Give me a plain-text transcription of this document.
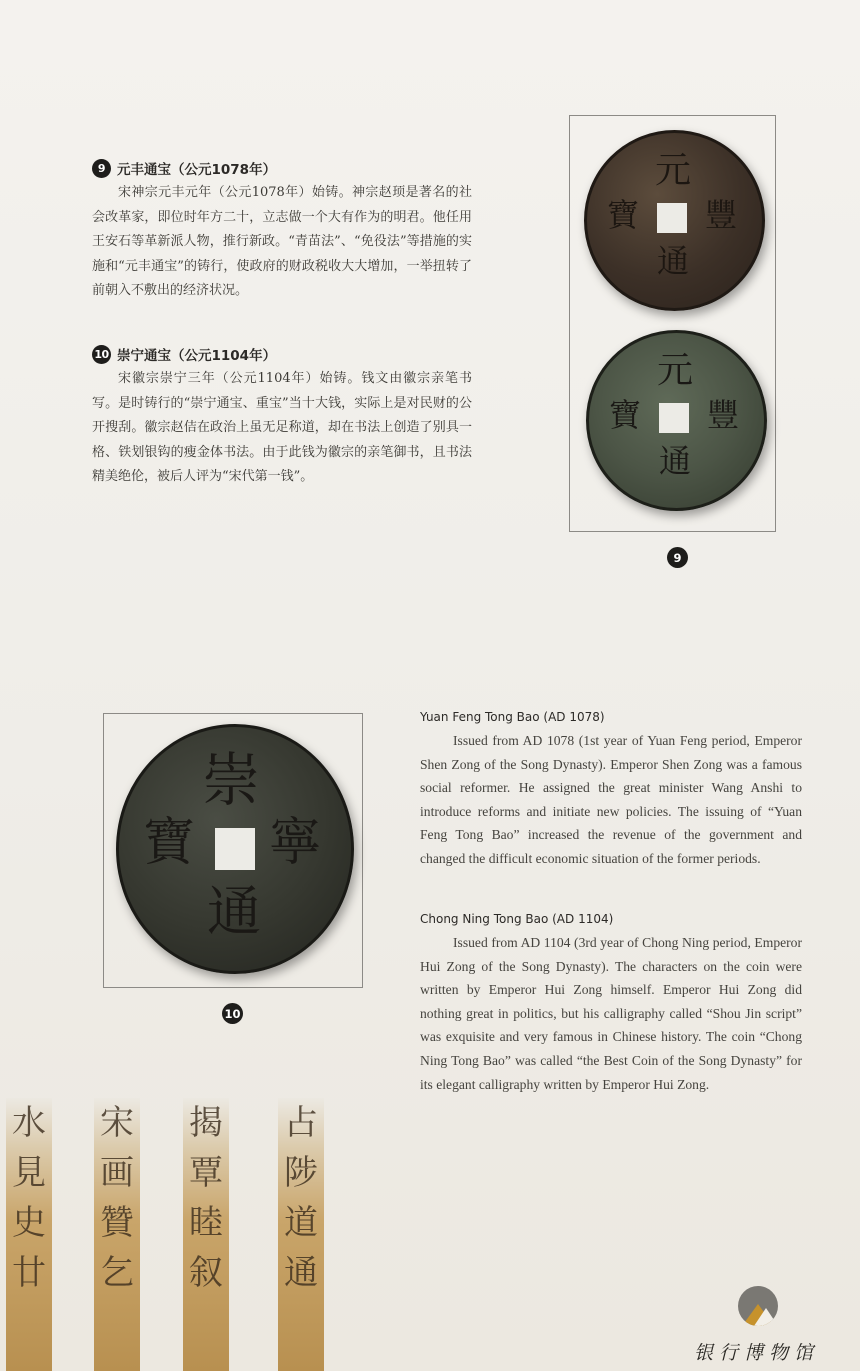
9 元丰通宝（公元1078年）

宋神宗元丰元年（公元1078年）始铸。神宗赵顼是著名的社会改革家，即位时年方二十，立志做一个大有作为的明君。他任用王安石等革新派人物，推行新政。“青苗法”、“免役法”等措施的实施和“元丰通宝”的铸行，使政府的财政税收大大增加，一举扭转了前朝入不敷出的经济状况。

10 崇宁通宝（公元1104年）

宋徽宗崇宁三年（公元1104年）始铸。钱文由徽宗亲笔书写。是时铸行的“崇宁通宝、重宝”当十大钱，实际上是对民财的公开搜刮。徽宗赵佶在政治上虽无足称道，却在书法上创造了别具一格、铁划银钩的瘦金体书法。由于此钱为徽宗的亲笔御书，且书法精美绝伦，被后人评为“宋代第一钱”。

元
豐
寶
通
元
豐
寶
通
9
崇
寧
寶
通
10

Yuan Feng Tong Bao (AD 1078)

Issued from AD 1078 (1st year of Yuan Feng period, Emperor Shen Zong of the Song Dynasty). Emperor Shen Zong was a famous social reformer. He assigned the great minister Wang Anshi to introduce reforms and initiate new policies. The issuing of “Yuan Feng Tong Bao” increased the revenue of the government and changed the difficult economic situation of the former periods.

Chong Ning Tong Bao (AD 1104)

Issued from AD 1104 (3rd year of Chong Ning period, Emperor Hui Zong of the Song Dynasty). The characters on the coin were written by Emperor Hui Zong himself. Emperor Hui Zong did nothing great in politics, but his calligraphy called “Shou Jin script” was exquisite and very famous in Chinese history. The coin “Chong Ning Tong Bao” was called “the Best Coin of the Song Dynasty” for its elegant calligraphy written by Emperor Hui Zong.

水
見
史
廿
宋
画
贊
乞
揭
覃
睦
叙
占
陟
道
通
银行博物馆
